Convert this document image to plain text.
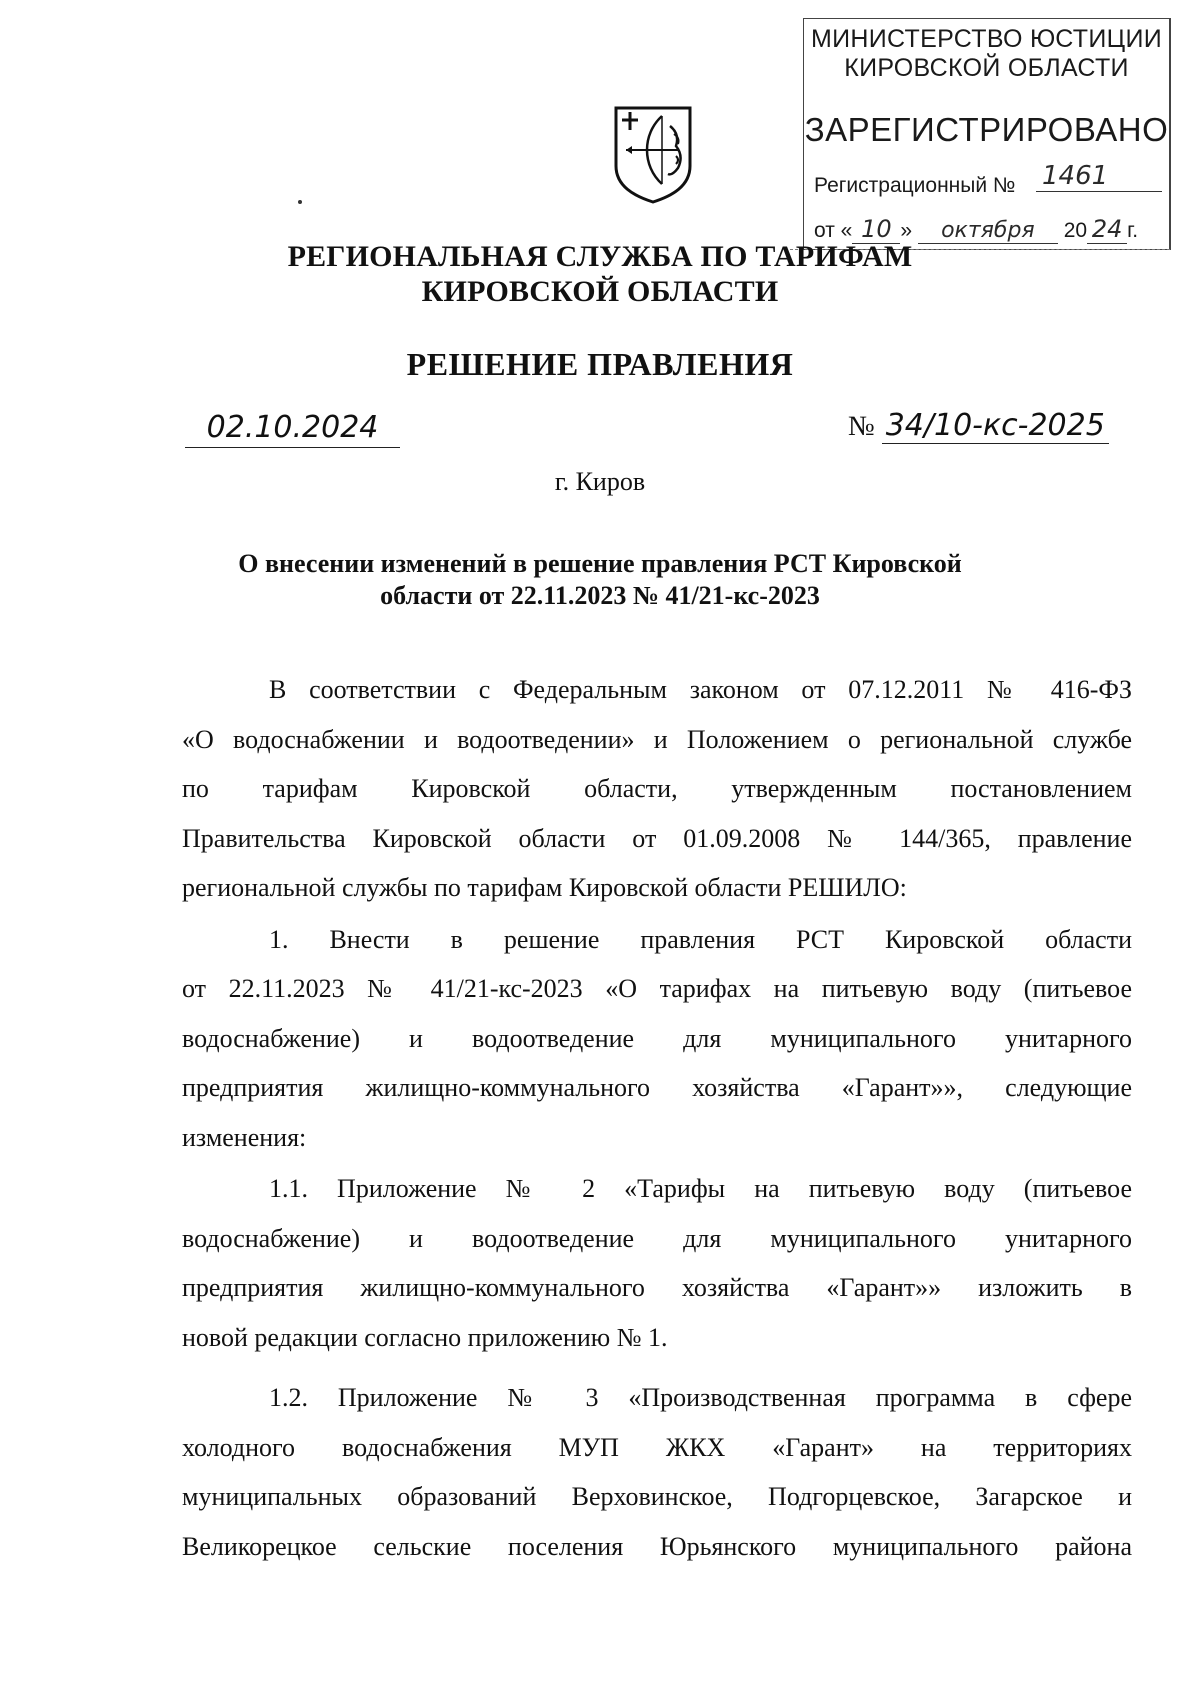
МИНИСТЕРСТВО ЮСТИЦИИ
КИРОВСКОЙ ОБЛАСТИ
ЗАРЕГИСТРИРОВАНО
Регистрационный № 1461
от « 10 » октября 20 24 г.
РЕГИОНАЛЬНАЯ СЛУЖБА ПО ТАРИФАМ
КИРОВСКОЙ ОБЛАСТИ
РЕШЕНИЕ ПРАВЛЕНИЯ
02.10.2024	№ 34/10-кс-2025
г. Киров
О внесении изменений в решение правления РСТ Кировской
области от 22.11.2023 № 41/21-кс-2023

В соответствии с Федеральным законом от 07.12.2011 № 416-ФЗ

«О водоснабжении и водоотведении» и Положением о региональной службе

по тарифам Кировской области, утвержденным постановлением

Правительства Кировской области от 01.09.2008 № 144/365, правление

региональной службы по тарифам Кировской области РЕШИЛО:

1. Внести в решение правления РСТ Кировской области

от 22.11.2023 № 41/21-кс-2023 «О тарифах на питьевую воду (питьевое

водоснабжение) и водоотведение для муниципального унитарного

предприятия жилищно-коммунального хозяйства «Гарант»», следующие

изменения:

1.1. Приложение № 2 «Тарифы на питьевую воду (питьевое

водоснабжение) и водоотведение для муниципального унитарного

предприятия жилищно-коммунального хозяйства «Гарант»» изложить в

новой редакции согласно приложению № 1.

1.2. Приложение № 3 «Производственная программа в сфере

холодного водоснабжения МУП ЖКХ «Гарант» на территориях

муниципальных образований Верховинское, Подгорцевское, Загарское и

Великорецкое сельские поселения Юрьянского муниципального района
